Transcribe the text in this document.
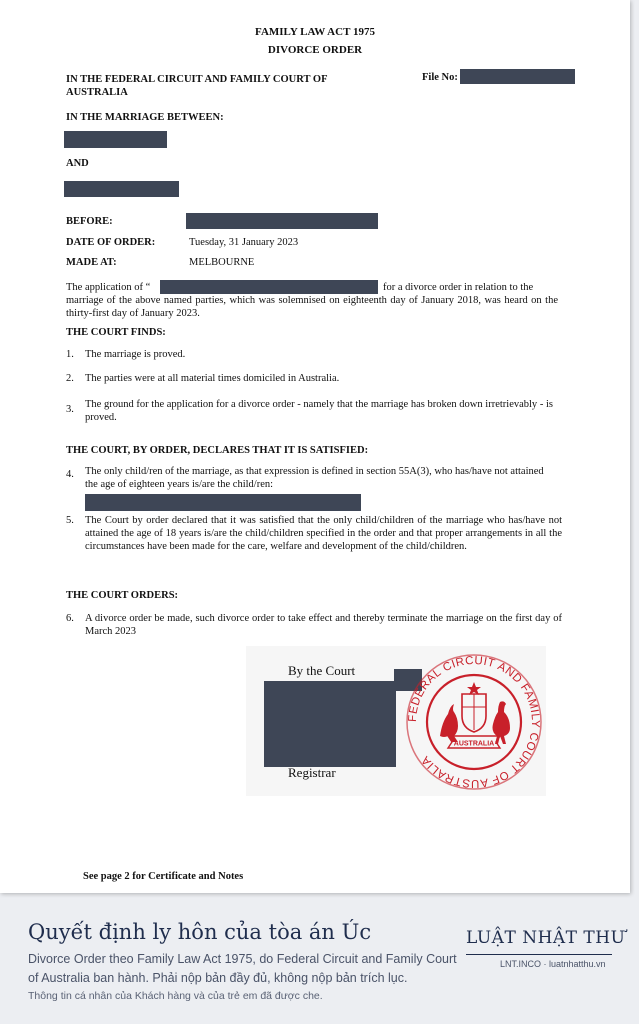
FAMILY LAW ACT 1975
DIVORCE ORDER
IN THE FEDERAL CIRCUIT AND FAMILY COURT OF AUSTRALIA
File No:
IN THE MARRIAGE BETWEEN:
AND
BEFORE:
DATE OF ORDER:	Tuesday, 31 January 2023
MADE AT:	MELBOURNE
The application of “	for a divorce order in relation to the
marriage of the above named parties, which was solemnised on eighteenth day of January 2018, was heard on the thirty-first day of January 2023.
THE COURT FINDS:
1. The marriage is proved.
2. The parties were at all material times domiciled in Australia.
3. The ground for the application for a divorce order - namely that the marriage has broken down irretrievably - is proved.
THE COURT, BY ORDER, DECLARES THAT IT IS SATISFIED:
4. The only child/ren of the marriage, as that expression is defined in section 55A(3), who has/have not attained the age of eighteen years is/are the child/ren:
5. The Court by order declared that it was satisfied that the only child/children of the marriage who has/have not attained the age of 18 years is/are the child/children specified in the order and that proper arrangements in all the circumstances have been made for the care, welfare and development of the child/children.
THE COURT ORDERS:
6. A divorce order be made, such divorce order to take effect and thereby terminate the marriage on the first day of March 2023
By the Court
Registrar
FEDERAL CIRCUIT AND FAMILY COURT OF AUSTRALIA
AUSTRALIA
See page 2 for Certificate and Notes
Quyết định ly hôn của tòa án Úc
Divorce Order theo Family Law Act 1975, do Federal Circuit and Family Court of Australia ban hành. Phải nộp bản đầy đủ, không nộp bản trích lục.
Thông tin cá nhân của Khách hàng và của trẻ em đã được che.
LUẬT NHẬT THƯ
LNT.INCO · luatnhatthu.vn
